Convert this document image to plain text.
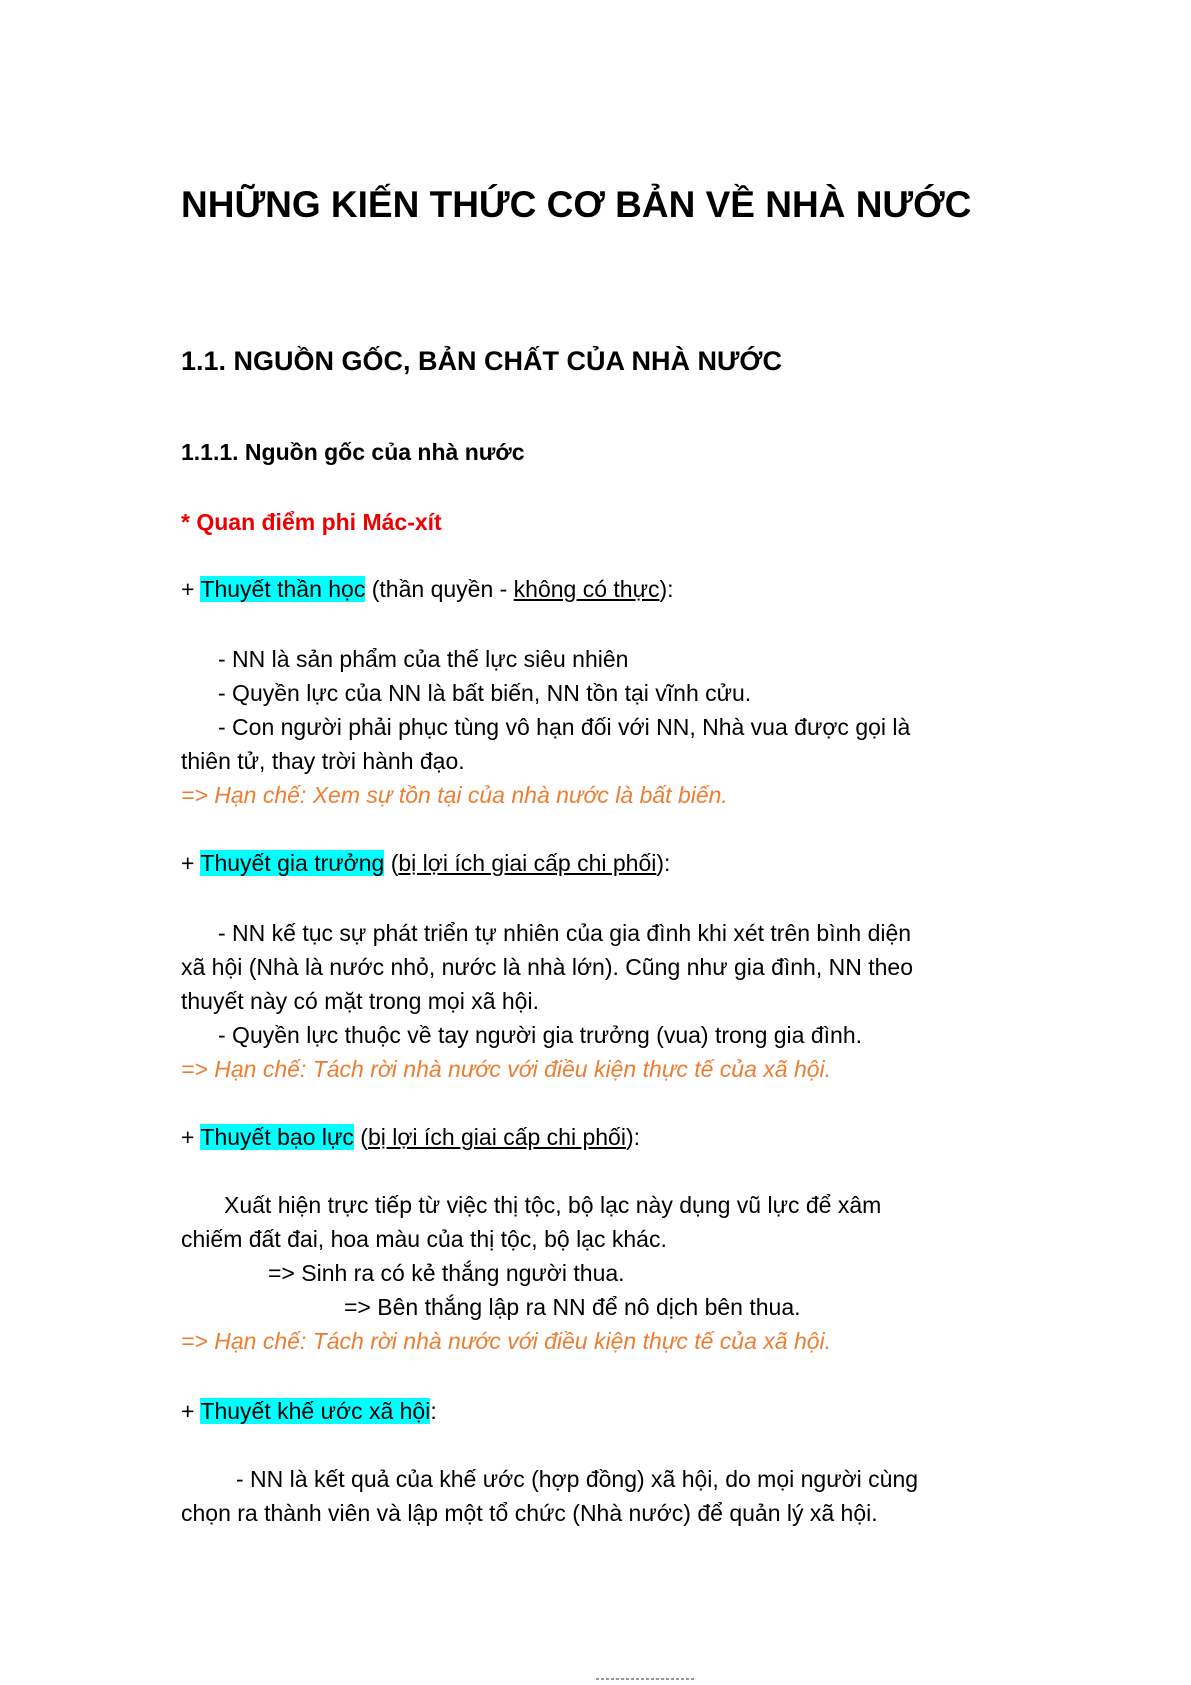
NHỮNG KIẾN THỨC CƠ BẢN VỀ NHÀ NƯỚC
1.1. NGUỒN GỐC, BẢN CHẤT CỦA NHÀ NƯỚC
1.1.1. Nguồn gốc của nhà nước
* Quan điểm phi Mác-xít
+ Thuyết thần học (thần quyền - không có thực):
- NN là sản phẩm của thế lực siêu nhiên
- Quyền lực của NN là bất biến, NN tồn tại vĩnh cửu.
- Con người phải phục tùng vô hạn đối với NN, Nhà vua được gọi là
thiên tử, thay trời hành đạo.
=> Hạn chế: Xem sự tồn tại của nhà nước là bất biến.
+ Thuyết gia trưởng (bị lợi ích giai cấp chi phối):
- NN kế tục sự phát triển tự nhiên của gia đình khi xét trên bình diện
xã hội (Nhà là nước nhỏ, nước là nhà lớn). Cũng như gia đình, NN theo
thuyết này có mặt trong mọi xã hội.
- Quyền lực thuộc về tay người gia trưởng (vua) trong gia đình.
=> Hạn chế: Tách rời nhà nước với điều kiện thực tế của xã hội.
+ Thuyết bạo lực (bị lợi ích giai cấp chi phối):
Xuất hiện trực tiếp từ việc thị tộc, bộ lạc này dụng vũ lực để xâm
chiếm đất đai, hoa màu của thị tộc, bộ lạc khác.
=> Sinh ra có kẻ thắng người thua.
=> Bên thắng lập ra NN để nô dịch bên thua.
=> Hạn chế: Tách rời nhà nước với điều kiện thực tế của xã hội.
+ Thuyết khế ước xã hội:
- NN là kết quả của khế ước (hợp đồng) xã hội, do mọi người cùng
chọn ra thành viên và lập một tổ chức (Nhà nước) để quản lý xã hội.
